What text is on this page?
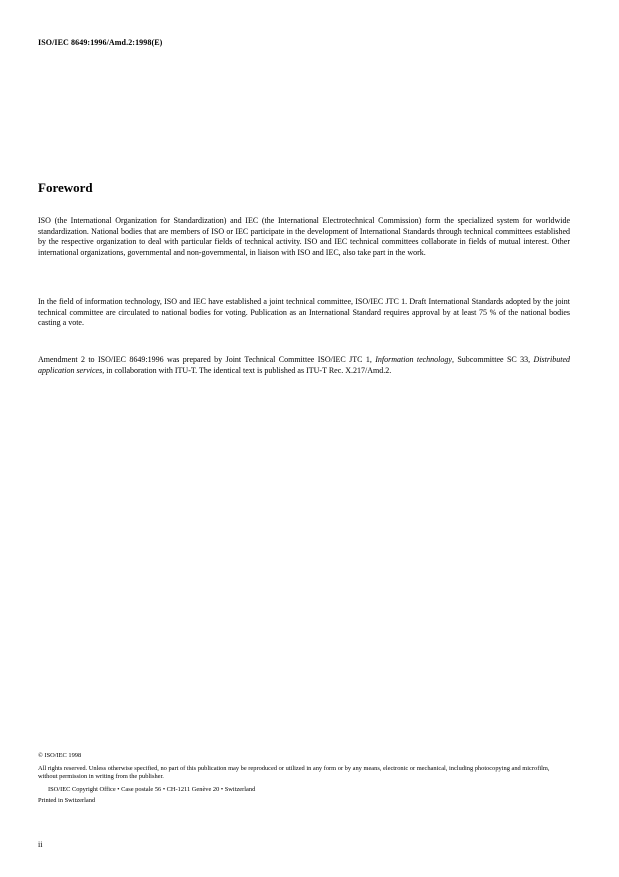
ISO/IEC 8649:1996/Amd.2:1998(E)
Foreword

ISO (the International Organization for Standardization) and IEC (the International Electrotechnical Commission) form the specialized system for worldwide standardization. National bodies that are members of ISO or IEC participate in the development of International Standards through technical committees established by the respective organization to deal with particular fields of technical activity. ISO and IEC technical committees collaborate in fields of mutual interest. Other international organizations, governmental and non-governmental, in liaison with ISO and IEC, also take part in the work.

In the field of information technology, ISO and IEC have established a joint technical committee, ISO/IEC JTC 1. Draft International Standards adopted by the joint technical committee are circulated to national bodies for voting. Publication as an International Standard requires approval by at least 75 % of the national bodies casting a vote.

Amendment 2 to ISO/IEC 8649:1996 was prepared by Joint Technical Committee ISO/IEC JTC 1, Information technology, Subcommittee SC 33, Distributed application services, in collaboration with ITU-T. The identical text is published as ITU-T Rec. X.217/Amd.2.

© ISO/IEC 1998

All rights reserved. Unless otherwise specified, no part of this publication may be reproduced or utilized in any form or by any means, electronic or mechanical, including photocopying and microfilm, without permission in writing from the publisher.

ISO/IEC Copyright Office • Case postale 56 • CH-1211 Genève 20 • Switzerland

Printed in Switzerland

ii
